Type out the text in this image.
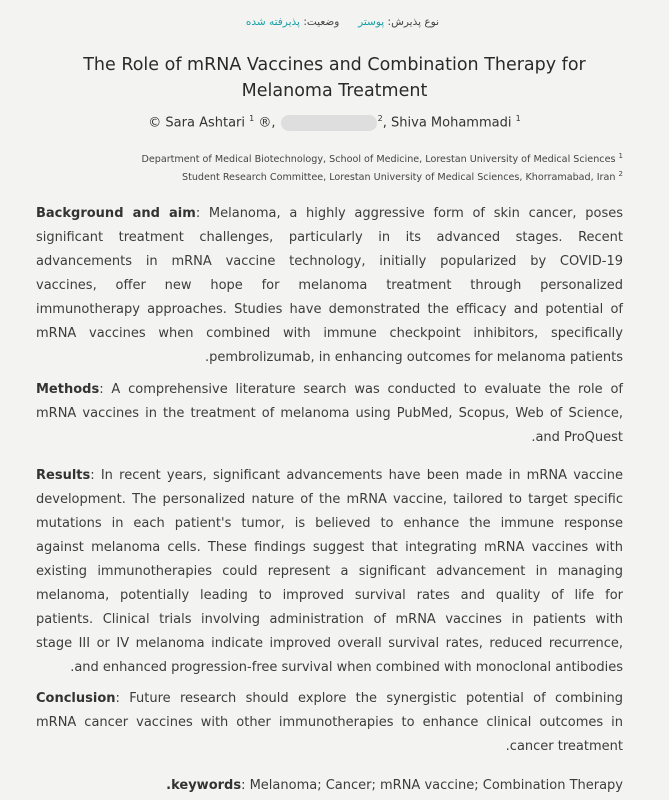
نوع پذیرش: پوستر  وضعیت: پذیرفته شده
The Role of mRNA Vaccines and Combination Therapy for
Melanoma Treatment
© Sara Ashtari $^1$ ®,	$^2$, Shiva Mohammadi $^1$
Department of Medical Biotechnology, School of Medicine, Lorestan University of Medical Sciences $^1$
Student Research Committee, Lorestan University of Medical Sciences, Khorramabad, Iran $^2$
Background and aim: Melanoma, a highly aggressive form of skin cancer, poses
significant treatment challenges, particularly in its advanced stages. Recent
advancements in mRNA vaccine technology, initially popularized by COVID-19
vaccines, offer new hope for melanoma treatment through personalized
immunotherapy approaches. Studies have demonstrated the efficacy and potential of
mRNA vaccines when combined with immune checkpoint inhibitors, specifically
.pembrolizumab, in enhancing outcomes for melanoma patients
Methods: A comprehensive literature search was conducted to evaluate the role of
mRNA vaccines in the treatment of melanoma using PubMed, Scopus, Web of Science,
.and ProQuest
Results: In recent years, significant advancements have been made in mRNA vaccine
development. The personalized nature of the mRNA vaccine, tailored to target specific
mutations in each patient's tumor, is believed to enhance the immune response
against melanoma cells. These findings suggest that integrating mRNA vaccines with
existing immunotherapies could represent a significant advancement in managing
melanoma, potentially leading to improved survival rates and quality of life for
patients. Clinical trials involving administration of mRNA vaccines in patients with
stage III or IV melanoma indicate improved overall survival rates, reduced recurrence,
.and enhanced progression-free survival when combined with monoclonal antibodies
Conclusion: Future research should explore the synergistic potential of combining
mRNA cancer vaccines with other immunotherapies to enhance clinical outcomes in
.cancer treatment
.keywords: Melanoma; Cancer; mRNA vaccine; Combination Therapy
